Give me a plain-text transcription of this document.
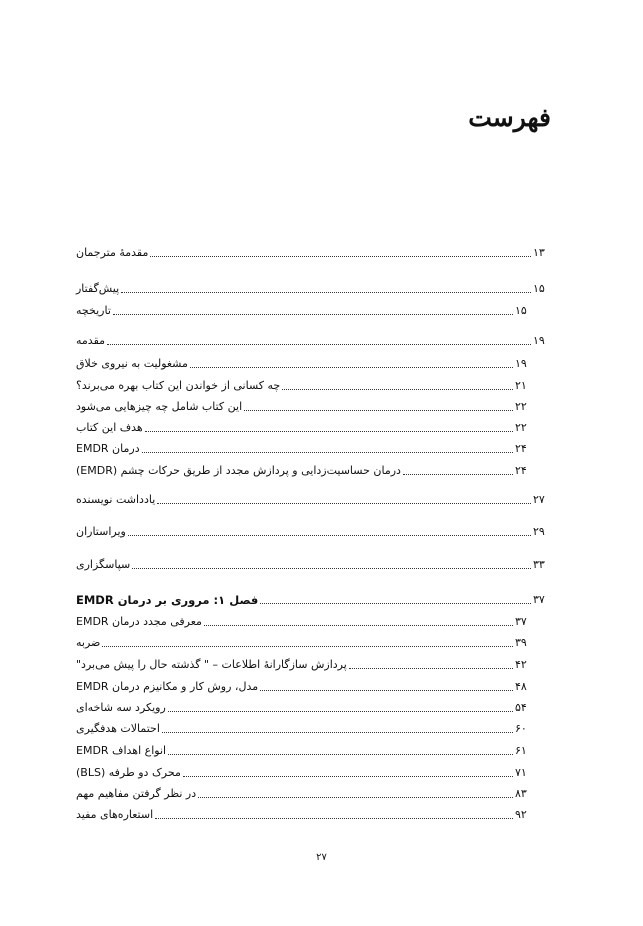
فهرست
مقدمهٔ مترجمان	۱۳
پیش‌گفتار	۱۵
تاریخچه	۱۵
مقدمه	۱۹
مشغولیت به نیروی خلاق	۱۹
چه کسانی از خواندن این کتاب بهره می‌برند؟	۲۱
این کتاب شامل چه چیزهایی می‌شود	۲۲
هدف این کتاب	۲۲
درمان EMDR	۲۴
درمان حساسیت‌زدایی و پردازش مجدد از طریق حرکات چشم (EMDR)	۲۴
یادداشت نویسنده	۲۷
ویراستاران	۲۹
سپاسگزاری	۳۳
فصل ۱: مروری بر درمان EMDR	۳۷
معرفی مجدد درمان EMDR	۳۷
ضربه	۳۹
پردازش سازگارانهٔ اطلاعات – " گذشته حال را پیش می‌برد"	۴۲
مدل، روش کار و مکانیزم درمان EMDR	۴۸
رویکرد سه شاخه‌ای	۵۴
احتمالات هدفگیری	۶۰
انواع اهداف EMDR	۶۱
محرک دو طرفه (BLS)	۷۱
در نظر گرفتن مفاهیم مهم	۸۳
استعاره‌های مفید	۹۲
۲۷
